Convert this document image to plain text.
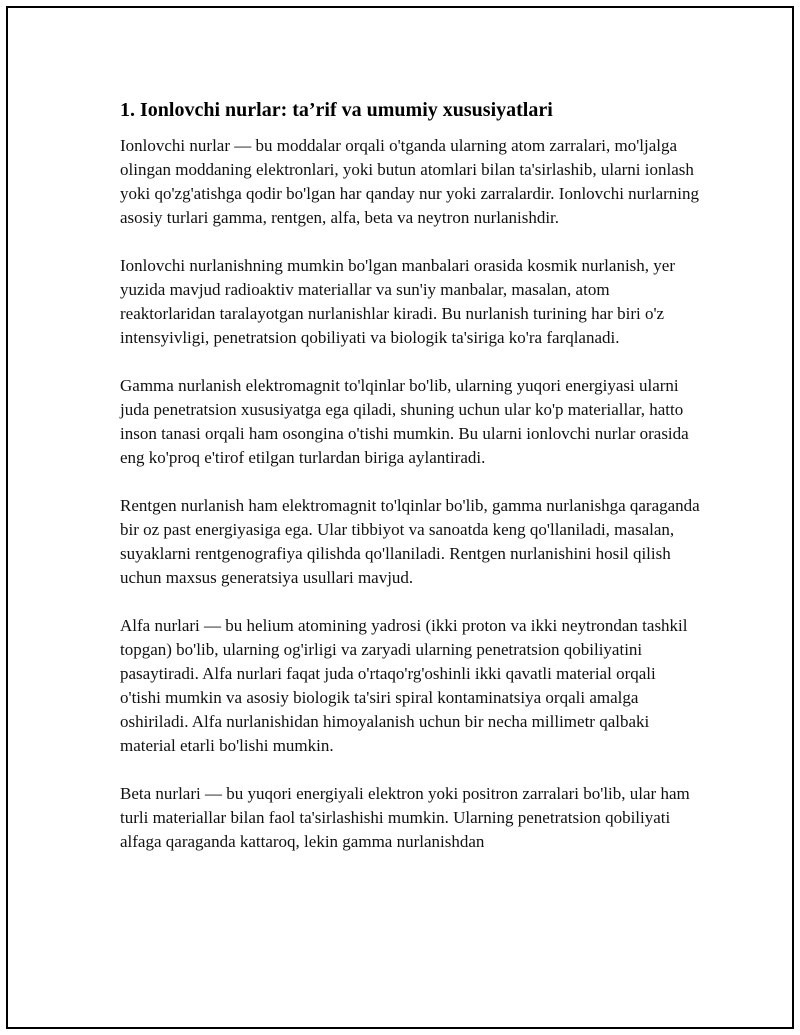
1. Ionlovchi nurlar: ta’rif va umumiy xususiyatlari

Ionlovchi nurlar — bu moddalar orqali o'tganda ularning atom zarralari, mo'ljalga olingan moddaning elektronlari, yoki butun atomlari bilan ta'sirlashib, ularni ionlash yoki qo'zg'atishga qodir bo'lgan har qanday nur yoki zarralardir. Ionlovchi nurlarning asosiy turlari gamma, rentgen, alfa, beta va neytron nurlanishdir.

Ionlovchi nurlanishning mumkin bo'lgan manbalari orasida kosmik nurlanish, yer yuzida mavjud radioaktiv materiallar va sun'iy manbalar, masalan, atom reaktorlaridan taralayotgan nurlanishlar kiradi. Bu nurlanish turining har biri o'z intensyivligi, penetratsion qobiliyati va biologik ta'siriga ko'ra farqlanadi.

Gamma nurlanish elektromagnit to'lqinlar bo'lib, ularning yuqori energiyasi ularni juda penetratsion xususiyatga ega qiladi, shuning uchun ular ko'p materiallar, hatto inson tanasi orqali ham osongina o'tishi mumkin. Bu ularni ionlovchi nurlar orasida eng ko'proq e'tirof etilgan turlardan biriga aylantiradi.

Rentgen nurlanish ham elektromagnit to'lqinlar bo'lib, gamma nurlanishga qaraganda bir oz past energiyasiga ega. Ular tibbiyot va sanoatda keng qo'llaniladi, masalan, suyaklarni rentgenografiya qilishda qo'llaniladi. Rentgen nurlanishini hosil qilish uchun maxsus generatsiya usullari mavjud.

Alfa nurlari — bu helium atomining yadrosi (ikki proton va ikki neytrondan tashkil topgan) bo'lib, ularning og'irligi va zaryadi ularning penetratsion qobiliyatini pasaytiradi. Alfa nurlari faqat juda o'rtaqo'rg'oshinli ikki qavatli material orqali o'tishi mumkin va asosiy biologik ta'siri spiral kontaminatsiya orqali amalga oshiriladi. Alfa nurlanishidan himoyalanish uchun bir necha millimetr qalbaki material etarli bo'lishi mumkin.

Beta nurlari — bu yuqori energiyali elektron yoki positron zarralari bo'lib, ular ham turli materiallar bilan faol ta'sirlashishi mumkin. Ularning penetratsion qobiliyati alfaga qaraganda kattaroq, lekin gamma nurlanishdan
